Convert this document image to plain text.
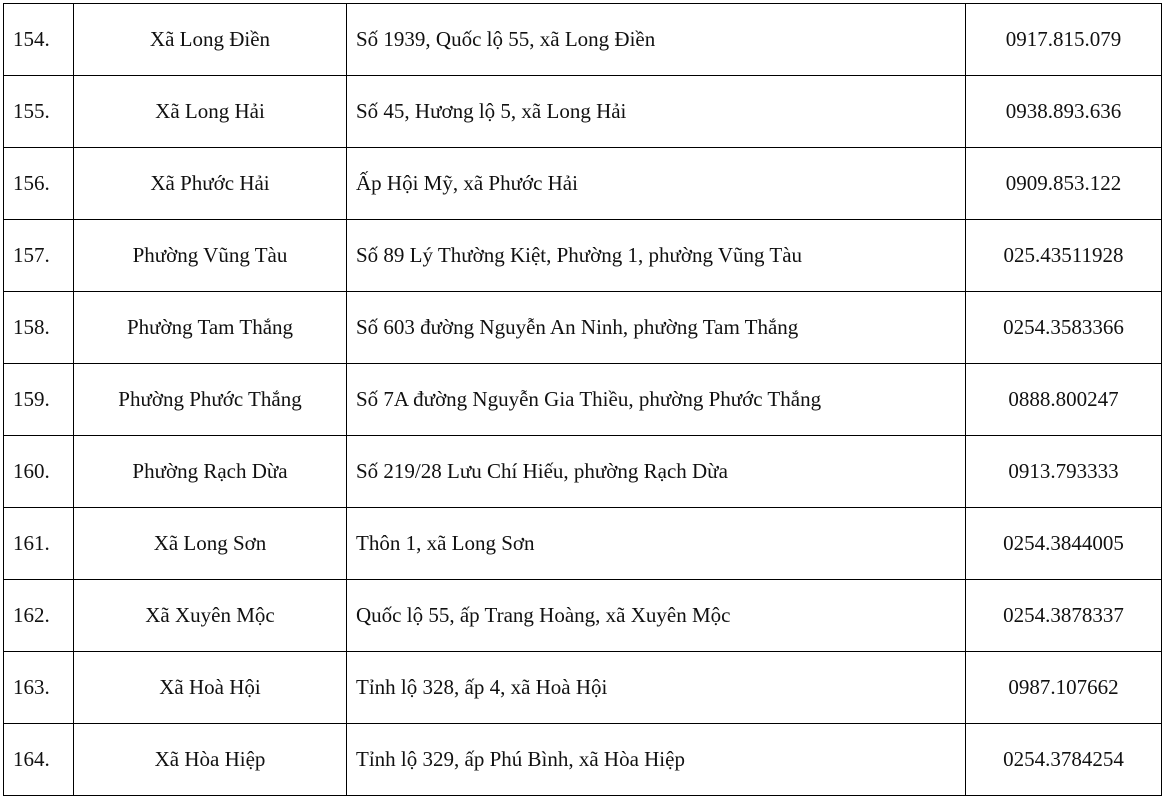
154.	Xã Long Điền	Số 1939, Quốc lộ 55, xã Long Điền	0917.815.079
155.	Xã Long Hải	Số 45, Hương lộ 5, xã Long Hải	0938.893.636
156.	Xã Phước Hải	Ấp Hội Mỹ, xã Phước Hải	0909.853.122
157.	Phường Vũng Tàu	Số 89 Lý Thường Kiệt, Phường 1, phường Vũng Tàu	025.43511928
158.	Phường Tam Thắng	Số 603 đường Nguyễn An Ninh, phường Tam Thắng	0254.3583366
159.	Phường Phước Thắng	Số 7A đường Nguyễn Gia Thiều, phường Phước Thắng	0888.800247
160.	Phường Rạch Dừa	Số 219/28 Lưu Chí Hiếu, phường Rạch Dừa	0913.793333
161.	Xã Long Sơn	Thôn 1, xã Long Sơn	0254.3844005
162.	Xã Xuyên Mộc	Quốc lộ 55, ấp Trang Hoàng, xã Xuyên Mộc	0254.3878337
163.	Xã Hoà Hội	Tỉnh lộ 328, ấp 4, xã Hoà Hội	0987.107662
164.	Xã Hòa Hiệp	Tỉnh lộ 329, ấp Phú Bình, xã Hòa Hiệp	0254.3784254
